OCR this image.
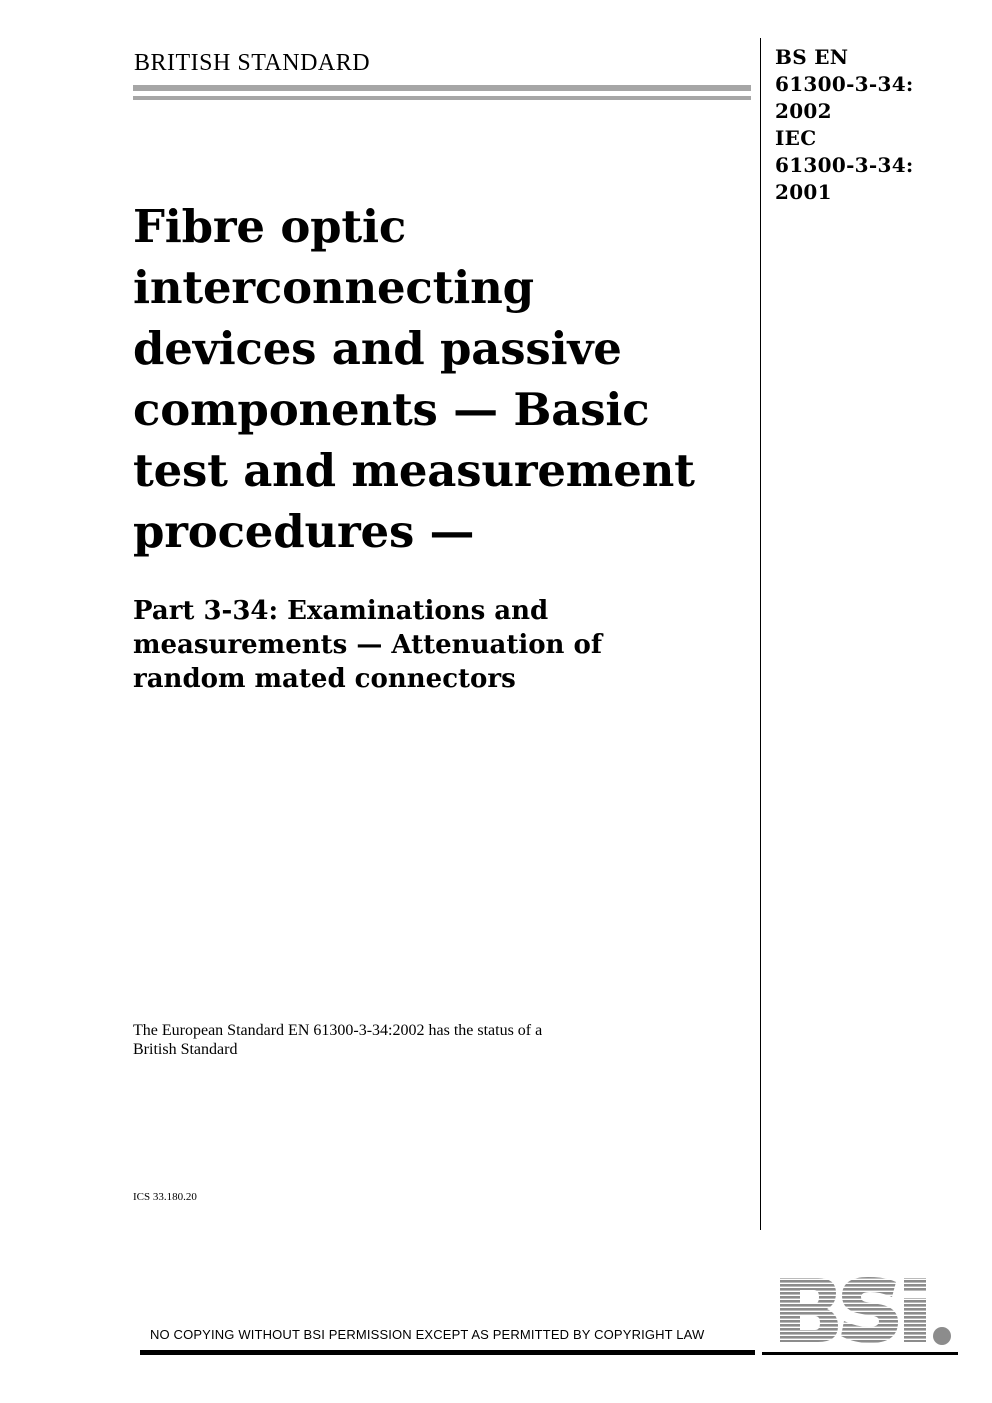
BRITISH STANDARD	BS EN
61300-3-34:
2002
IEC
61300-3-34:
2001
Fibre optic
interconnecting
devices and passive
components — Basic
test and measurement
procedures —
Part 3-34: Examinations and
measurements — Attenuation of
random mated connectors
The European Standard EN 61300-3-34:2002 has the status of a
British Standard
ICS 33.180.20
NO COPYING WITHOUT BSI PERMISSION EXCEPT AS PERMITTED BY COPYRIGHT LAW
